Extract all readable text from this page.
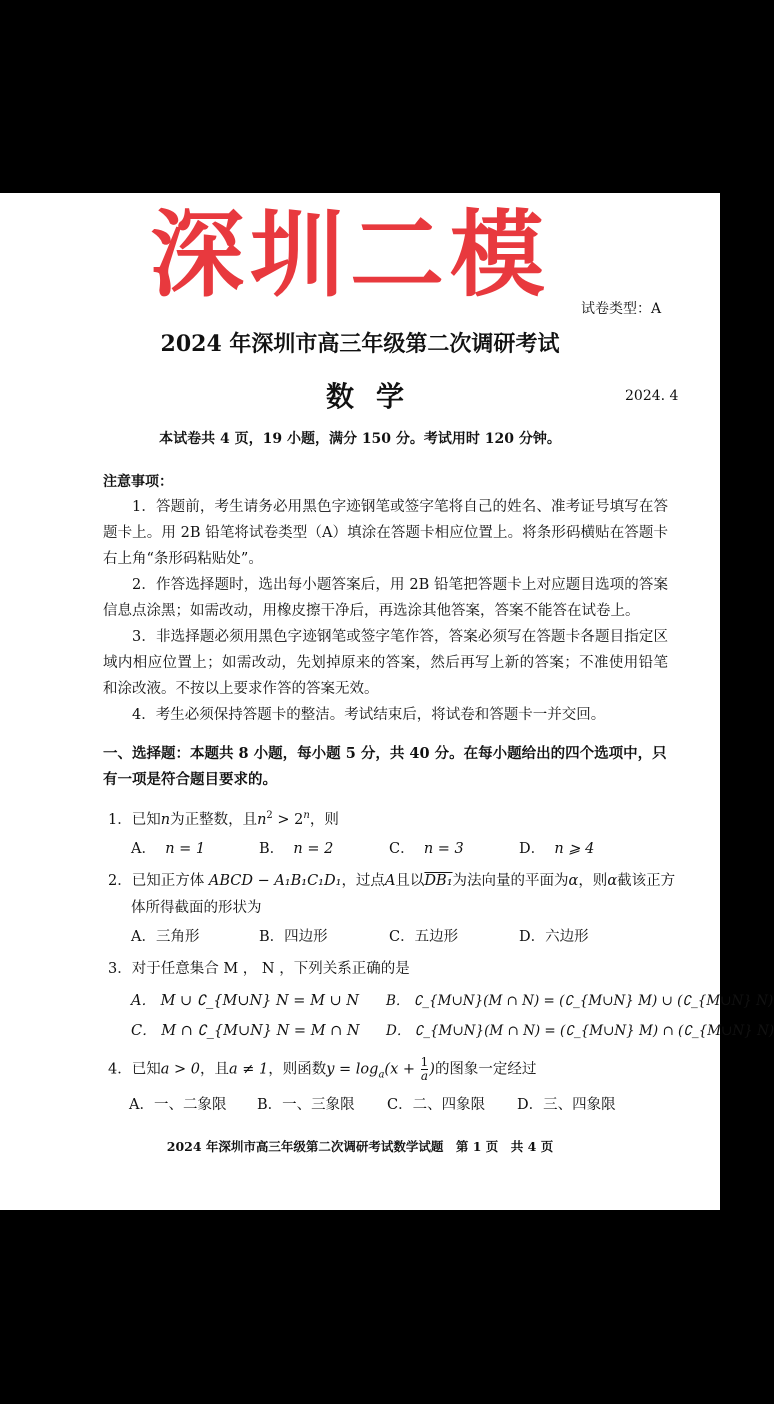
深圳二模 试卷类型：A
2024 年深圳市高三年级第二次调研考试
数学	2024. 4
本试卷共 4 页，19 小题，满分 150 分。考试用时 120 分钟。
注意事项：
1．答题前，考生请务必用黑色字迹钢笔或签字笔将自己的姓名、准考证号填写在答题卡上。用 2B 铅笔将试卷类型（A）填涂在答题卡相应位置上。将条形码横贴在答题卡右上角“条形码粘贴处”。
2．作答选择题时，选出每小题答案后，用 2B 铅笔把答题卡上对应题目选项的答案信息点涂黑；如需改动，用橡皮擦干净后，再选涂其他答案，答案不能答在试卷上。
3．非选择题必须用黑色字迹钢笔或签字笔作答，答案必须写在答题卡各题目指定区域内相应位置上；如需改动，先划掉原来的答案，然后再写上新的答案；不准使用铅笔和涂改液。不按以上要求作答的答案无效。
4．考生必须保持答题卡的整洁。考试结束后，将试卷和答题卡一并交回。
一、选择题：本题共 8 小题，每小题 5 分，共 40 分。在每小题给出的四个选项中，只有一项是符合题目要求的。
1．已知n为正整数，且$n^2 > 2^n$，则
A． n = 1	B． n = 2	C． n = 3	D． n ⩾ 4
2．已知正方体 ABCD − A₁B₁C₁D₁，过点A且以DB₁为法向量的平面为α，则α截该正方
体所得截面的形状为
A．三角形	B．四边形	C．五边形	D．六边形
3．对于任意集合 M ， N ，下列关系正确的是
A． M ∪ ∁_{M∪N} N = M ∪ N B． ∁_{M∪N}(M ∩ N) = (∁_{M∪N} M) ∪ (∁_{M∪N} N)
C． M ∩ ∁_{M∪N} N = M ∩ N D． ∁_{M∪N}(M ∩ N) = (∁_{M∪N} M) ∩ (∁_{M∪N} N)
4．已知a > 0，且a ≠ 1，则函数$y = \log_a(x + \frac{1}{a}$ )的图象一定经过
A．一、二象限 B．一、三象限 C．二、四象限 D．三、四象限
2024 年深圳市高三年级第二次调研考试数学试题　第 1 页　共 4 页
